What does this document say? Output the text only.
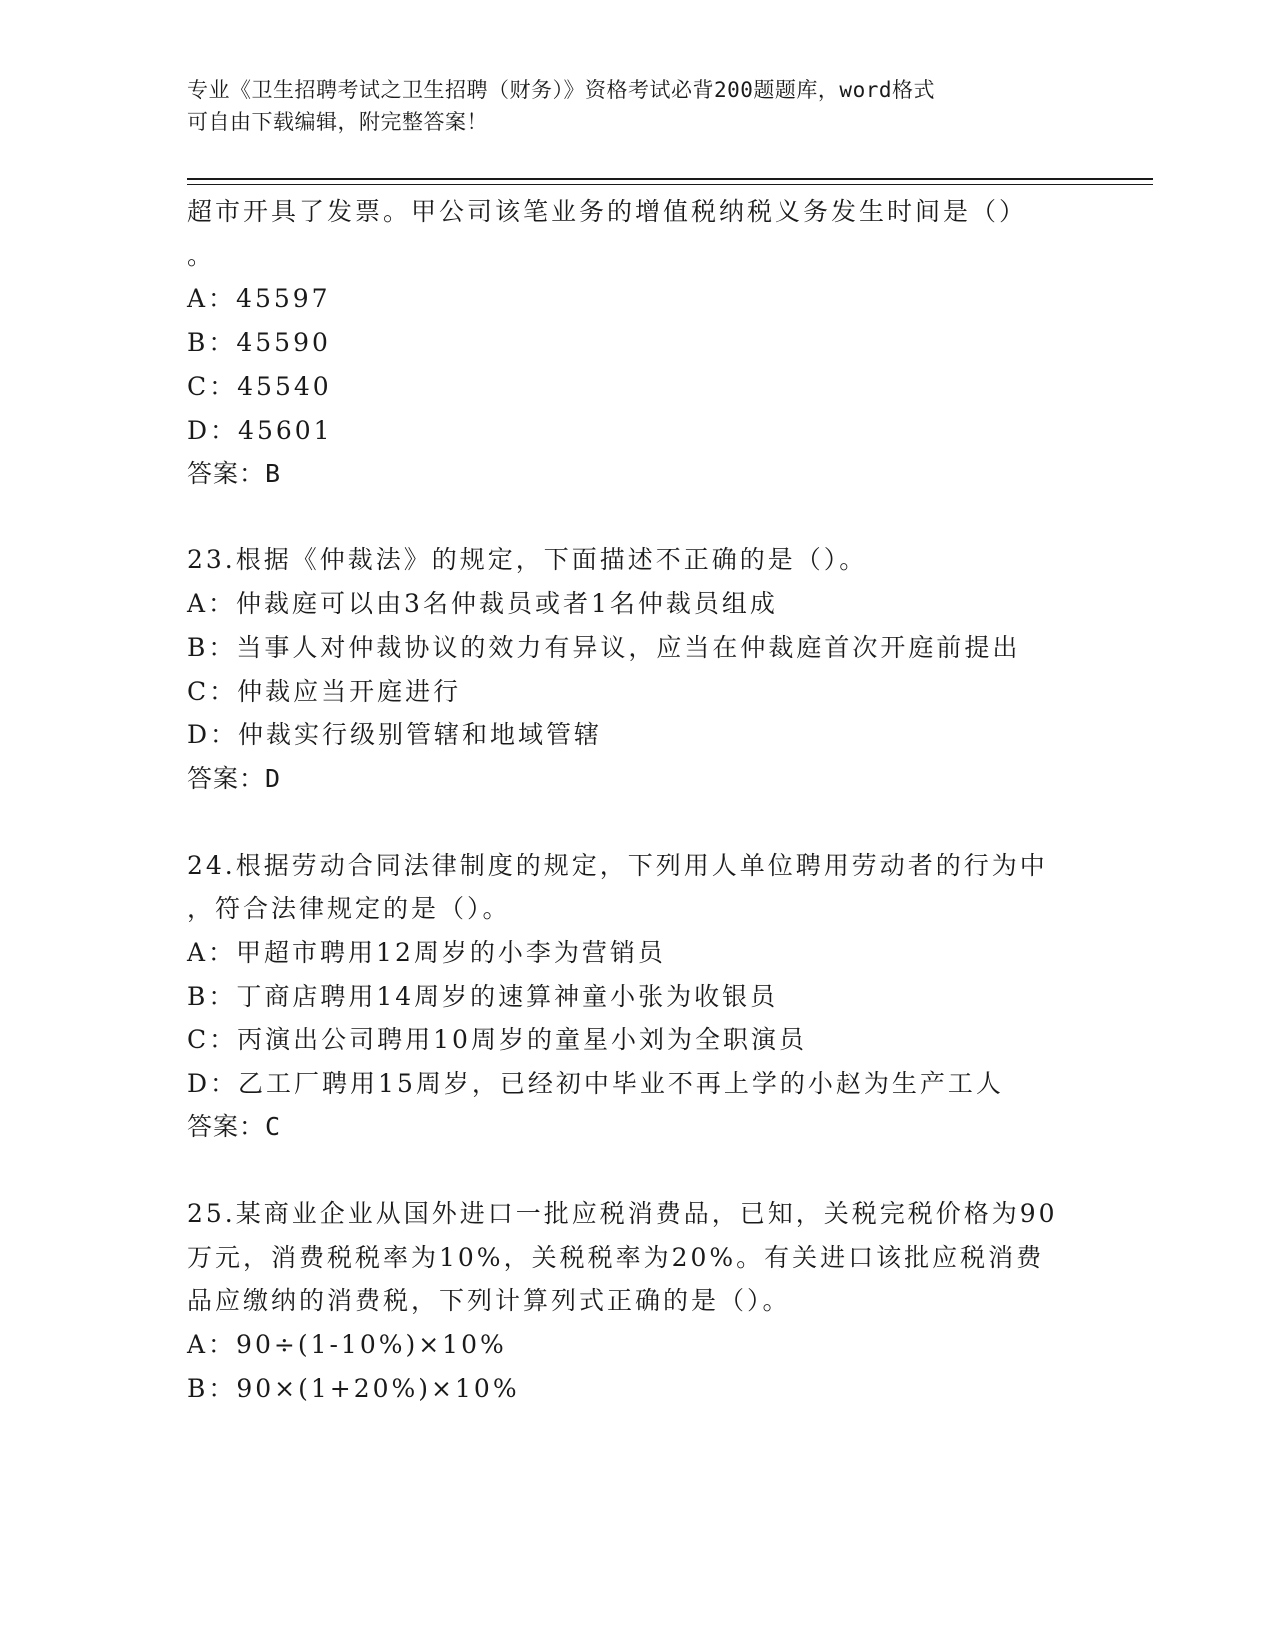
专业《卫生招聘考试之卫生招聘（财务）》资格考试必背200题题库，word格式
可自由下载编辑，附完整答案！
超市开具了发票。甲公司该笔业务的增值税纳税义务发生时间是（）
。
A：45597
B：45590
C：45540
D：45601
答案：B
23.根据《仲裁法》的规定，下面描述不正确的是（）。
A：仲裁庭可以由3名仲裁员或者1名仲裁员组成
B：当事人对仲裁协议的效力有异议，应当在仲裁庭首次开庭前提出
C：仲裁应当开庭进行
D：仲裁实行级别管辖和地域管辖
答案：D
24.根据劳动合同法律制度的规定，下列用人单位聘用劳动者的行为中
，符合法律规定的是（）。
A：甲超市聘用12周岁的小李为营销员
B：丁商店聘用14周岁的速算神童小张为收银员
C：丙演出公司聘用10周岁的童星小刘为全职演员
D：乙工厂聘用15周岁，已经初中毕业不再上学的小赵为生产工人
答案：C
25.某商业企业从国外进口一批应税消费品，已知，关税完税价格为90
万元，消费税税率为10%，关税税率为20%。有关进口该批应税消费
品应缴纳的消费税，下列计算列式正确的是（）。
A：90÷(1-10%)×10%
B：90×(1+20%)×10%
